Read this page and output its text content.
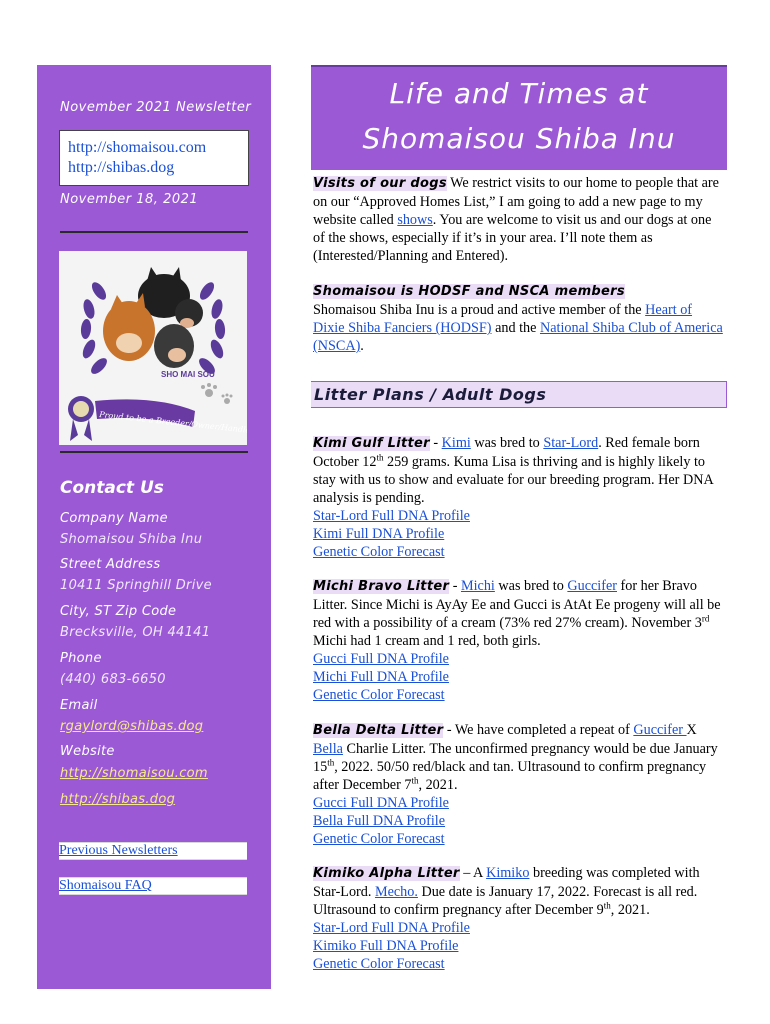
November 2021 Newsletter
http://shomaisou.com
http://shibas.dog
November 18, 2021
SHO MAI SOU
Proud to be a Breeder/Owner/Handler
Contact Us
Company Name
Shomaisou Shiba Inu
Street Address
10411 Springhill Drive
City, ST Zip Code
Brecksville, OH 44141
Phone
(440) 683-6650
Email
rgaylord@shibas.dog
Website
http://shomaisou.com
http://shibas.dog
Previous Newsletters
Shomaisou FAQ
Life and Times at
Shomaisou Shiba Inu

Visits of our dogs We restrict visits to our home to people that are on our “Approved Homes List,” I am going to add a new page to my website called shows. You are welcome to visit us and our dogs at one of the shows, especially if it’s in your area. I’ll note them as (Interested/Planning and Entered).

Shomaisou is HODSF and NSCA members

Shomaisou Shiba Inu is a proud and active member of the Heart of Dixie Shiba Fanciers (HODSF) and the National Shiba Club of America (NSCA).

Litter Plans / Adult Dogs

Kimi Gulf Litter - Kimi was bred to Star-Lord. Red female born October 12th 259 grams. Kuma Lisa is thriving and is highly likely to stay with us to show and evaluate for our breeding program. Her DNA analysis is pending.

Star-Lord Full DNA Profile
Kimi Full DNA Profile
Genetic Color Forecast

Michi Bravo Litter - Michi was bred to Guccifer for her Bravo Litter. Since Michi is AyAy Ee and Gucci is AtAt Ee progeny will all be red with a possibility of a cream (73% red 27% cream). November 3rd Michi had 1 cream and 1 red, both girls.

Gucci Full DNA Profile
Michi Full DNA Profile
Genetic Color Forecast

Bella Delta Litter - We have completed a repeat of Guccifer X Bella Charlie Litter. The unconfirmed pregnancy would be due January 15th, 2022. 50/50 red/black and tan. Ultrasound to confirm pregnancy after December 7th, 2021.

Gucci Full DNA Profile
Bella Full DNA Profile
Genetic Color Forecast

Kimiko Alpha Litter – A Kimiko breeding was completed with Star-Lord. Mecho. Due date is January 17, 2022. Forecast is all red. Ultrasound to confirm pregnancy after December 9th, 2021.

Star-Lord Full DNA Profile
Kimiko Full DNA Profile
Genetic Color Forecast
